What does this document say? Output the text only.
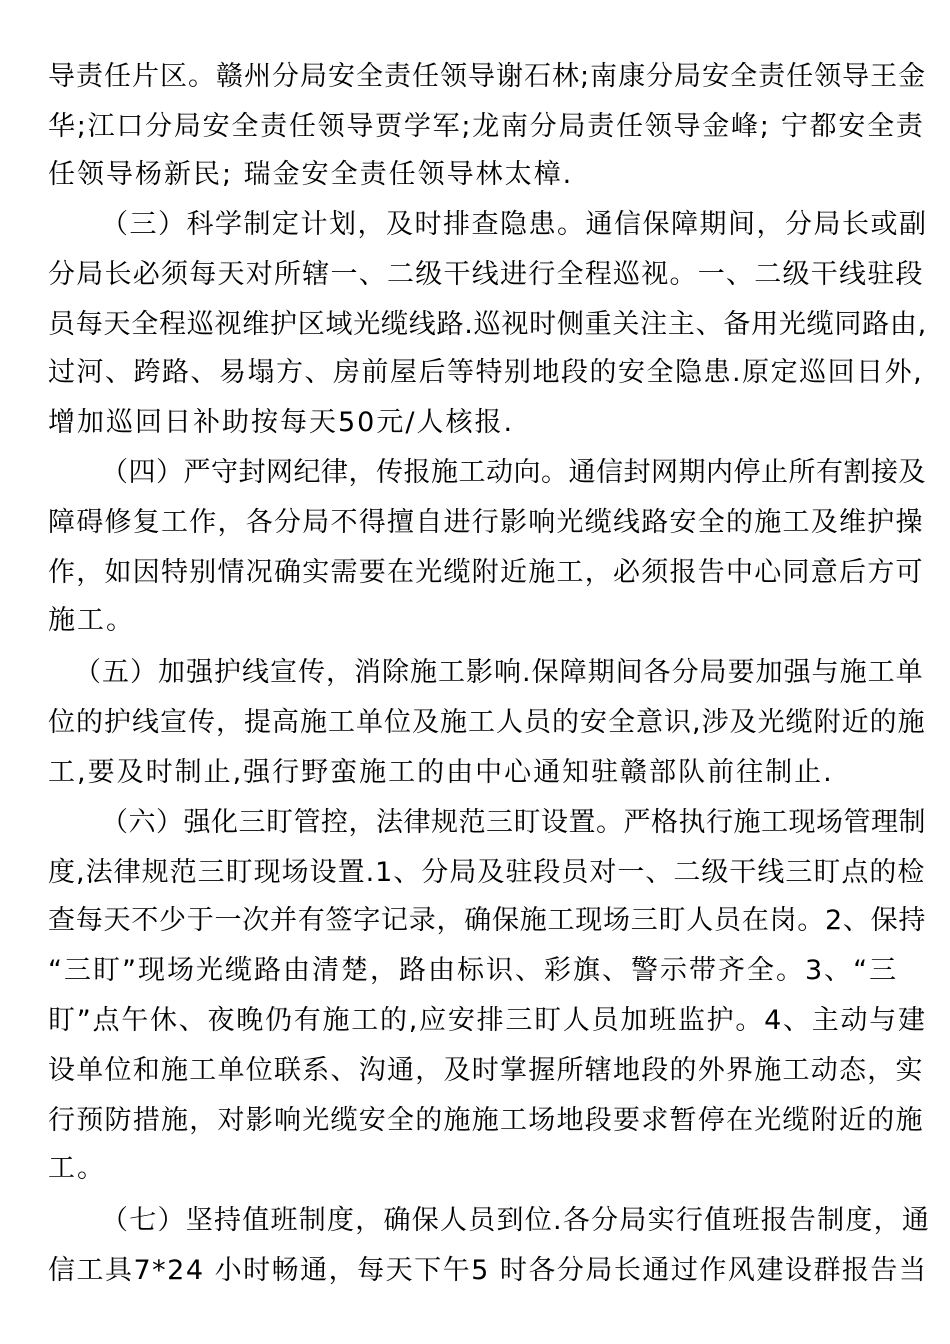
导责任片区。赣州分局安全责任领导谢石林;南康分局安全责任领导王金
华;江口分局安全责任领导贾学军;龙南分局责任领导金峰; 宁都安全责
任领导杨新民; 瑞金安全责任领导林太樟.
（三）科学制定计划，及时排查隐患。通信保障期间，分局长或副
分局长必须每天对所辖一、二级干线进行全程巡视。一、二级干线驻段
员每天全程巡视维护区域光缆线路.巡视时侧重关注主、备用光缆同路由,
过河、跨路、易塌方、房前屋后等特别地段的安全隐患.原定巡回日外,
增加巡回日补助按每天50元/人核报.
（四）严守封网纪律，传报施工动向。通信封网期内停止所有割接及
障碍修复工作，各分局不得擅自进行影响光缆线路安全的施工及维护操
作，如因特别情况确实需要在光缆附近施工，必须报告中心同意后方可
施工。
（五）加强护线宣传，消除施工影响.保障期间各分局要加强与施工单
位的护线宣传，提高施工单位及施工人员的安全意识,涉及光缆附近的施
工,要及时制止,强行野蛮施工的由中心通知驻赣部队前往制止.
（六）强化三盯管控，法律规范三盯设置。严格执行施工现场管理制
度,法律规范三盯现场设置.1、分局及驻段员对一、二级干线三盯点的检
查每天不少于一次并有签字记录，确保施工现场三盯人员在岗。2、保持
“三盯”现场光缆路由清楚，路由标识、彩旗、警示带齐全。3、“三
盯”点午休、夜晚仍有施工的,应安排三盯人员加班监护。4、主动与建
设单位和施工单位联系、沟通，及时掌握所辖地段的外界施工动态，实
行预防措施，对影响光缆安全的施施工场地段要求暂停在光缆附近的施
工。
（七）坚持值班制度，确保人员到位.各分局实行值班报告制度，通
信工具7*24 小时畅通，每天下午5 时各分局长通过作风建设群报告当
